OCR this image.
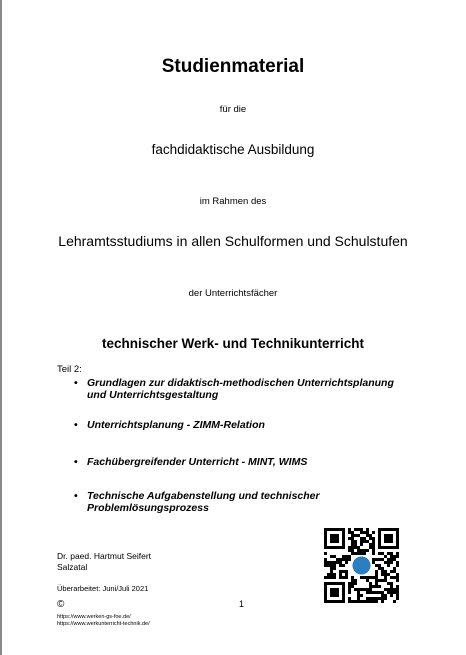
Studienmaterial
für die
fachdidaktische Ausbildung
im Rahmen des
Lehramtsstudiums in allen Schulformen und Schulstufen
der Unterrichtsfächer
technischer Werk- und Technikunterricht
Teil 2:
• Grundlagen zur didaktisch-methodischen Unterrichtsplanung und Unterrichtsgestaltung
• Unterrichtsplanung - ZIMM-Relation
• Fachübergreifender Unterricht - MINT, WIMS
• Technische Aufgabenstellung und technischer Problemlösungsprozess
Dr. paed. Hartmut Seifert
Salzatal
Überarbeitet: Juni/Juli 2021
©
https://www.werken-gs-foe.de/
https://www.werkunterricht-technik.de/
1
